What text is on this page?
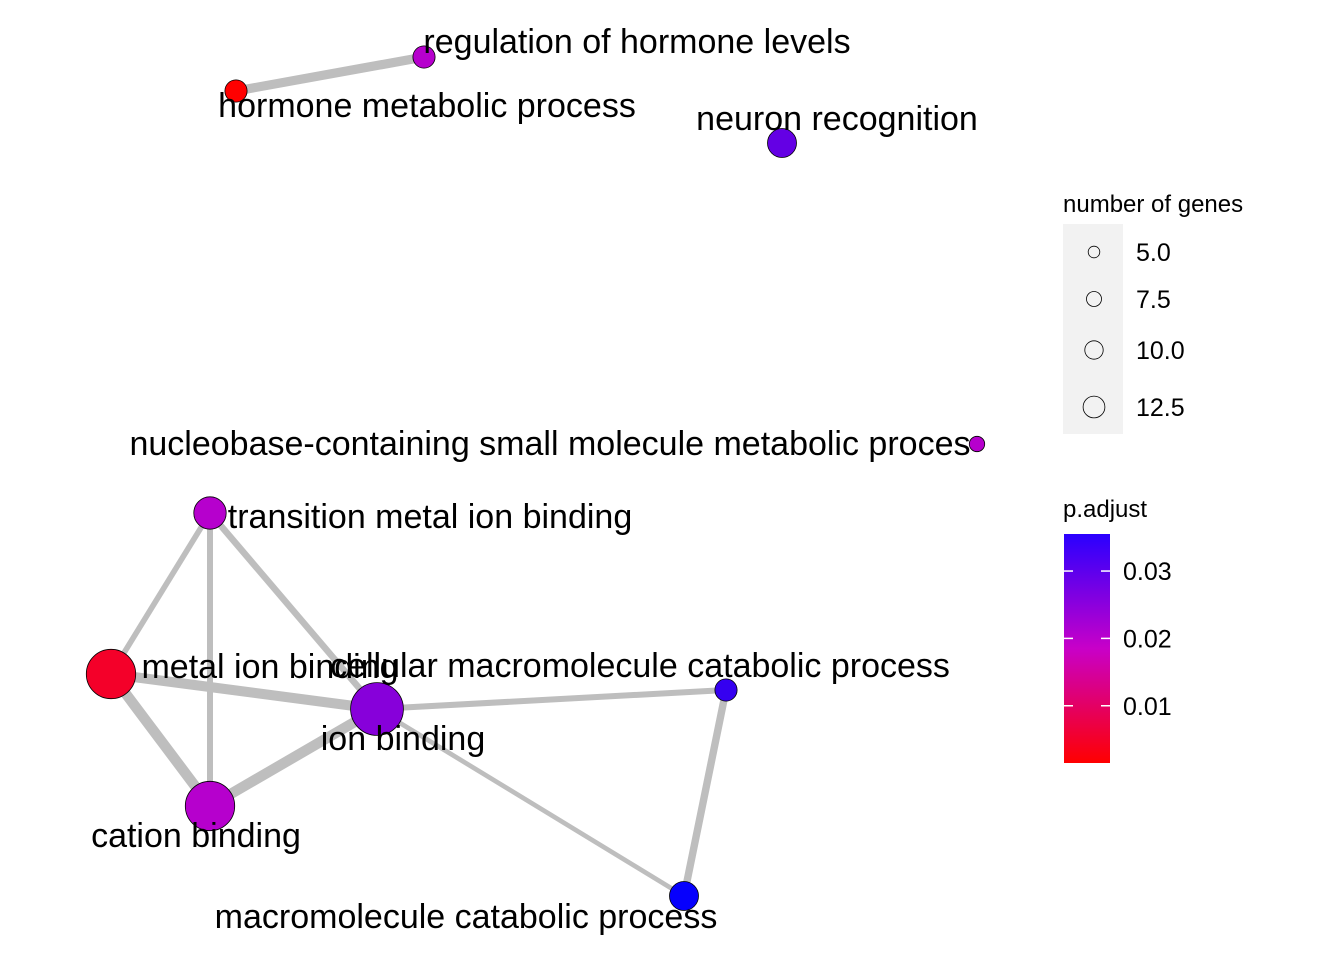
regulation of hormone levels
hormone metabolic process neuron recognition
nucleobase-containing small molecule metabolic proces
transition metal ion binding
metal ion binding
cellular macromolecule catabolic process
ion binding
cation binding
macromolecule catabolic process
number of genes
5.0
7.5
10.0
12.5
p.adjust
0.03
0.02
0.01
